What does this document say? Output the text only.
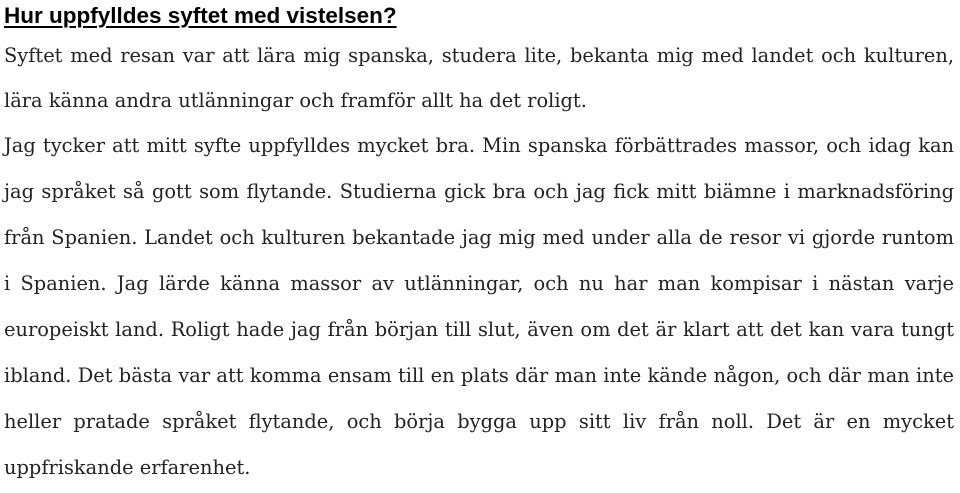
Hur uppfylldes syftet med vistelsen?

Syftet med resan var att lära mig spanska, studera lite, bekanta mig med landet och kulturen, lära känna andra utlänningar och framför allt ha det roligt.

Jag tycker att mitt syfte uppfylldes mycket bra. Min spanska förbättrades massor, och idag kan jag språket så gott som flytande. Studierna gick bra och jag fick mitt biämne i marknadsföring från Spanien. Landet och kulturen bekantade jag mig med under alla de resor vi gjorde runtom i Spanien. Jag lärde känna massor av utlänningar, och nu har man kompisar i nästan varje europeiskt land. Roligt hade jag från början till slut, även om det är klart att det kan vara tungt ibland. Det bästa var att komma ensam till en plats där man inte kände någon, och där man inte heller pratade språket flytande, och börja bygga upp sitt liv från noll. Det är en mycket uppfriskande erfarenhet.
